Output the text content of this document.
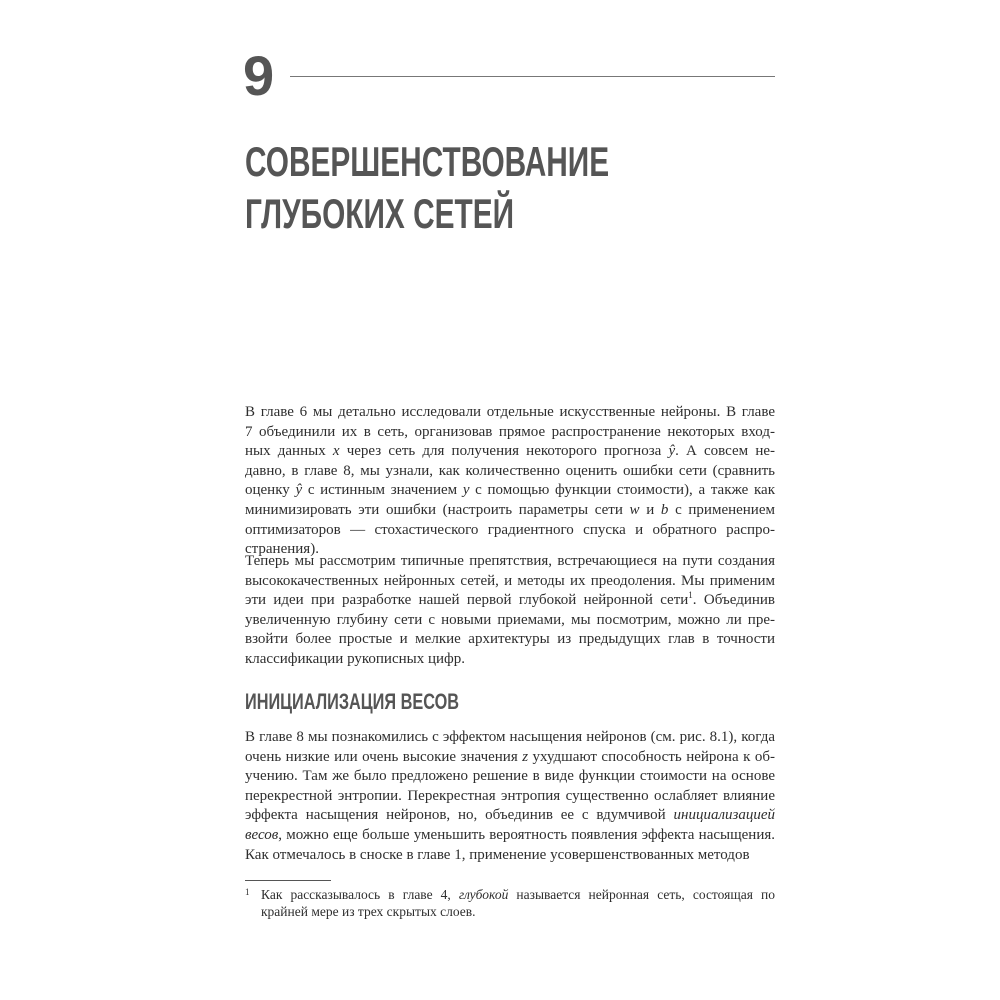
9
СОВЕРШЕНСТВОВАНИЕ
ГЛУБОКИХ СЕТЕЙ
В главе 6 мы детально исследовали отдельные искусственные нейроны. В главе
7 объединили их в сеть, организовав прямое распространение некоторых вход-
ных данных x через сеть для получения некоторого прогноза ŷ. А совсем не-
давно, в главе 8, мы узнали, как количественно оценить ошибки сети (сравнить
оценку ŷ с истинным значением y с помощью функции стоимости), а также как
минимизировать эти ошибки (настроить параметры сети w и b с применением
оптимизаторов — стохастического градиентного спуска и обратного распро-
странения).
Теперь мы рассмотрим типичные препятствия, встречающиеся на пути создания
высококачественных нейронных сетей, и методы их преодоления. Мы применим
эти идеи при разработке нашей первой глубокой нейронной сети$^1$. Объединив
увеличенную глубину сети с новыми приемами, мы посмотрим, можно ли пре-
взойти более простые и мелкие архитектуры из предыдущих глав в точности
классификации рукописных цифр.
ИНИЦИАЛИЗАЦИЯ ВЕСОВ
В главе 8 мы познакомились с эффектом насыщения нейронов (см. рис. 8.1), когда
очень низкие или очень высокие значения z ухудшают способность нейрона к об-
учению. Там же было предложено решение в виде функции стоимости на основе
перекрестной энтропии. Перекрестная энтропия существенно ослабляет влияние
эффекта насыщения нейронов, но, объединив ее с вдумчивой инициализацией
весов, можно еще больше уменьшить вероятность появления эффекта насыщения.
Как отмечалось в сноске в главе 1, применение усовершенствованных методов
1 Как рассказывалось в главе 4, глубокой называется нейронная сеть, состоящая по
крайней мере из трех скрытых слоев.
